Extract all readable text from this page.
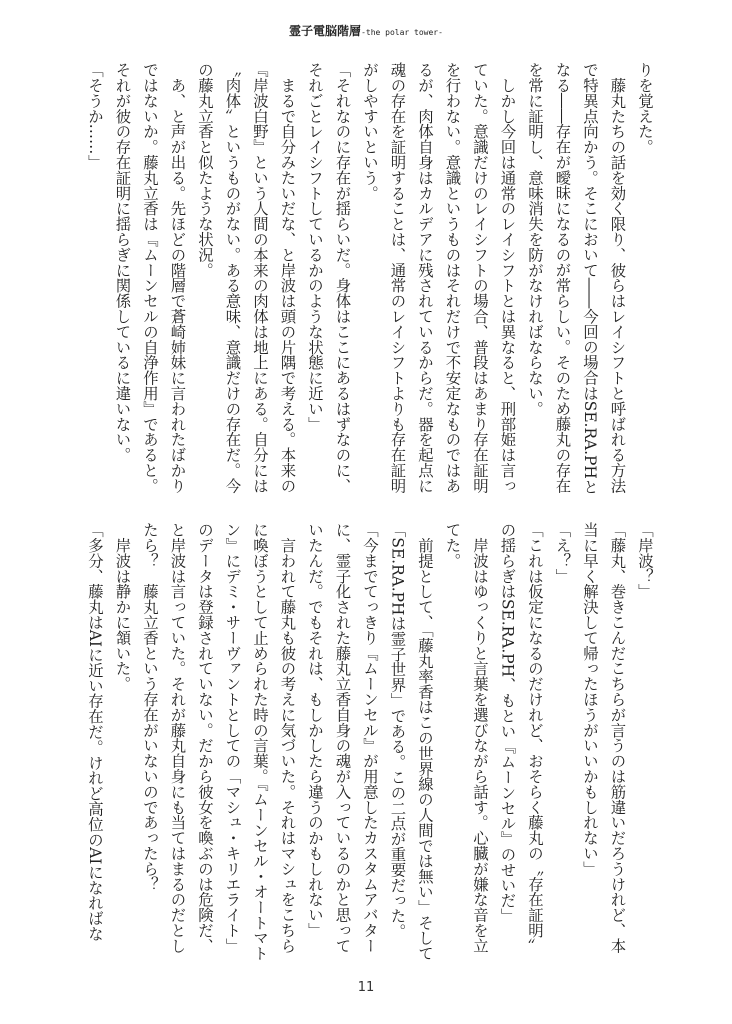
霊子電脳階層-the polar tower-
りを覚えた。
　藤丸たちの話を効く限り、彼らはレイシフトと呼ばれる方法
で特異点向かう。そこにおいて――今回の場合はSE.RA.PHと
なる――存在が曖昧になるのが常らしい。そのため藤丸の存在
を常に証明し、意味消失を防がなければならない。
　しかし今回は通常のレイシフトとは異なると、刑部姫は言っ
ていた。意識だけのレイシフトの場合、普段はあまり存在証明
を行わない。意識というものはそれだけで不安定なものではあ
るが、肉体自身はカルデアに残されているからだ。器を起点に
魂の存在を証明することは、通常のレイシフトよりも存在証明
がしやすいという。
「それなのに存在が揺らいだ。身体はここにあるはずなのに、
それごとレイシフトしているかのような状態に近い」
　まるで自分みたいだな、と岸波は頭の片隅で考える。本来の
『岸波白野』という人間の本来の肉体は地上にある。自分には
〝肉体〟というものがない。ある意味、意識だけの存在だ。今
の藤丸立香と似たような状況。
　あ、と声が出る。先ほどの階層で蒼崎姉妹に言われたばかり
ではないか。藤丸立香は『ムーンセルの自浄作用』であると。
それが彼の存在証明に揺らぎに関係しているに違いない。
「そうか……」
「岸波？」
「藤丸、巻きこんだこちらが言うのは筋違いだろうけれど、本
当に早く解決して帰ったほうがいいかもしれない」
「え？」
「これは仮定になるのだけれど、おそらく藤丸の〝存在証明〟
の揺らぎはSE.RA.PH、もとい『ムーンセル』のせいだ」
　岸波はゆっくりと言葉を選びながら話す。心臓が嫌な音を立
てた。
　前提として、「藤丸率香はこの世界線の人間では無い」そして
「SE.RA.PHは霊子世界」である。この二点が重要だった。
「今までてっきり『ムーンセル』が用意したカスタムアバター
に、霊子化された藤丸立香自身の魂が入っているのかと思って
いたんだ。でもそれは、もしかしたら違うのかもしれない」
　言われて藤丸も彼の考えに気づいた。それはマシュをこちら
に喚ぼうとして止められた時の言葉。『ムーンセル・オートマト
ン』にデミ・サーヴァントとしての「マシュ・キリエライト」
のデータは登録されていない。だから彼女を喚ぶのは危険だ、
と岸波は言っていた。それが藤丸自身にも当てはまるのだとし
たら？　藤丸立香という存在がいないのであったら？
　岸波は静かに頷いた。
「多分、藤丸はAIに近い存在だ。けれど高位のAIになればな
11
